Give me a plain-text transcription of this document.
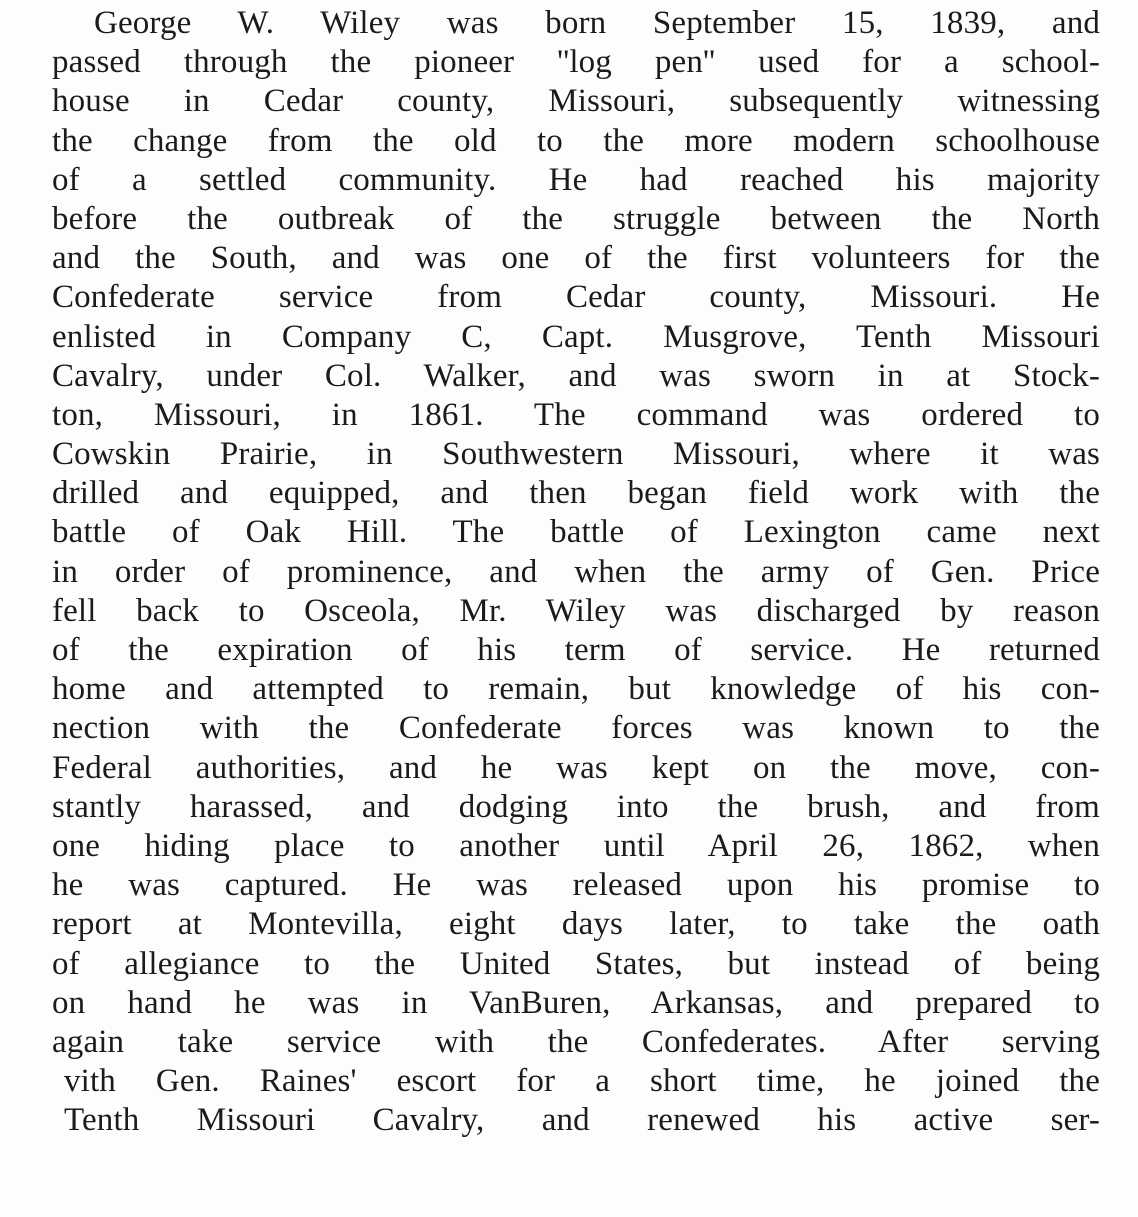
George W. Wiley was born September 15, 1839, and
passed through the pioneer ''log pen'' used for a school-
house in Cedar county, Missouri, subsequently witnessing
the change from the old to the more modern schoolhouse
of a settled community. He had reached his majority
before the outbreak of the struggle between the North
and the South, and was one of the first volunteers for the
Confederate service from Cedar county, Missouri. He
enlisted in Company C, Capt. Musgrove, Tenth Missouri
Cavalry, under Col. Walker, and was sworn in at Stock-
ton, Missouri, in 1861. The command was ordered to
Cowskin Prairie, in Southwestern Missouri, where it was
drilled and equipped, and then began field work with the
battle of Oak Hill. The battle of Lexington came next
in order of prominence, and when the army of Gen. Price
fell back to Osceola, Mr. Wiley was discharged by reason
of the expiration of his term of service. He returned
home and attempted to remain, but knowledge of his con-
nection with the Confederate forces was known to the
Federal authorities, and he was kept on the move, con-
stantly harassed, and dodging into the brush, and from
one hiding place to another until April 26, 1862, when
he was captured. He was released upon his promise to
report at Montevilla, eight days later, to take the oath
of allegiance to the United States, but instead of being
on hand he was in VanBuren, Arkansas, and prepared to
again take service with the Confederates. After serving
vith Gen. Raines' escort for a short time, he joined the
Tenth Missouri Cavalry, and renewed his active ser-
